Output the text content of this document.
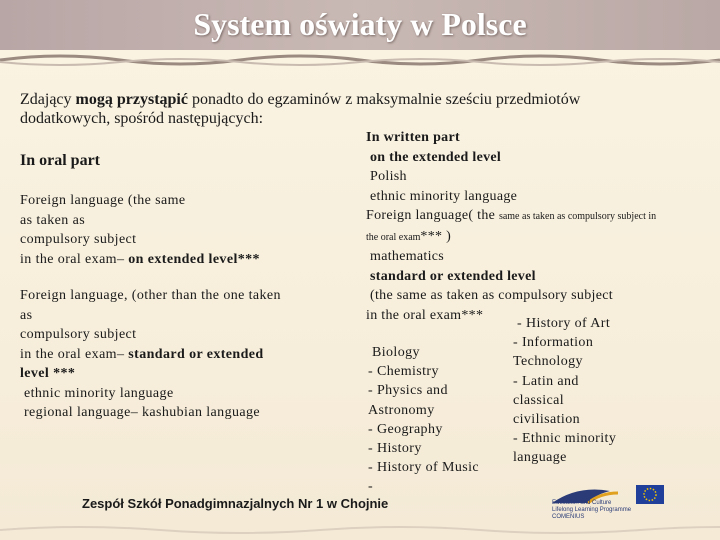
System oświaty w Polsce
Zdający mogą przystąpić ponadto do egzaminów z maksymalnie sześciu przedmiotów
dodatkowych, spośród następujących:
In oral part
Foreign language (the same
as taken as
compulsory subject
in the oral exam– on extended level***
Foreign language, (other than the one taken
as
compulsory subject
in the oral exam– standard or extended
level ***
ethnic minority language
regional language– kashubian language
In written part
on the extended level
Polish
ethnic minority language
Foreign language( the same as taken as compulsory subject in
the oral exam*** )
mathematics
standard or extended level
(the same as taken as compulsory subject
in the oral exam***
Biology
- Chemistry
- Physics and
Astronomy
- Geography
- History
- History of Music
-
- History of Art
- Information
Technology
- Latin and
classical
civilisation
- Ethnic minority
language
Zespół Szkół Ponadgimnazjalnych Nr 1 w Chojnie	Education and Culture
Lifelong Learning Programme
COMENIUS
